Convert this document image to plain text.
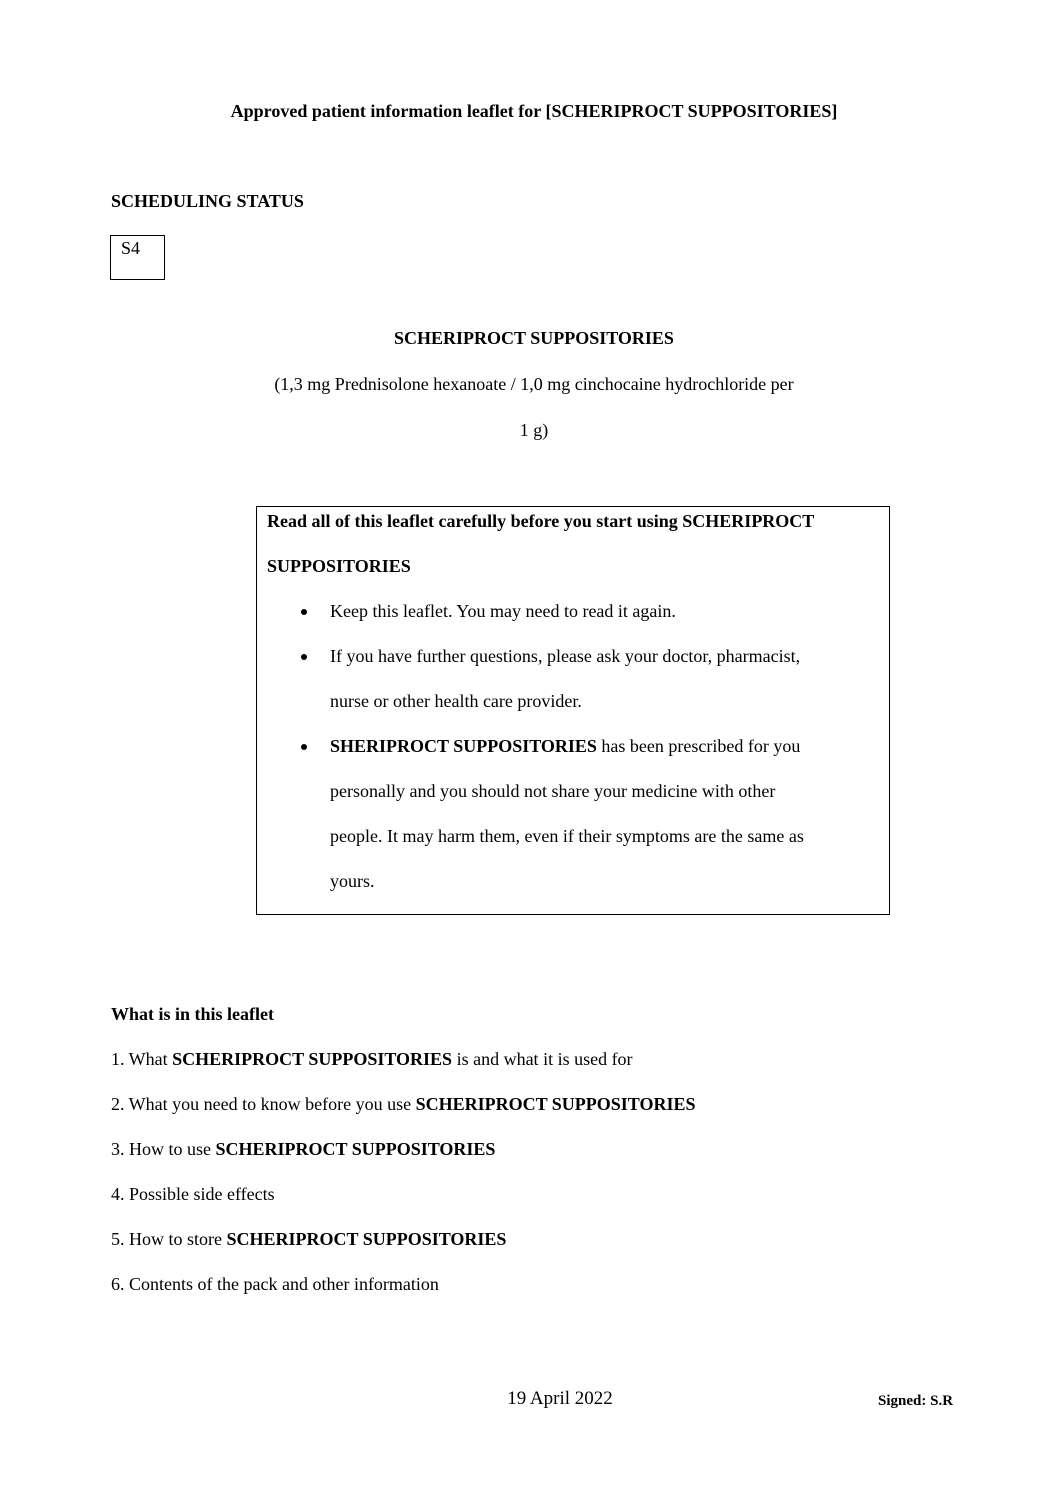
Approved patient information leaflet for [SCHERIPROCT SUPPOSITORIES]
SCHEDULING STATUS
S4
SCHERIPROCT SUPPOSITORIES
(1,3 mg Prednisolone hexanoate / 1,0 mg cinchocaine hydrochloride per
1 g)
Read all of this leaflet carefully before you start using SCHERIPROCT
SUPPOSITORIES
Keep this leaflet. You may need to read it again.
If you have further questions, please ask your doctor, pharmacist,
nurse or other health care provider.
SHERIPROCT SUPPOSITORIES has been prescribed for you
personally and you should not share your medicine with other
people. It may harm them, even if their symptoms are the same as
yours.
What is in this leaflet
1. What SCHERIPROCT SUPPOSITORIES is and what it is used for
2. What you need to know before you use SCHERIPROCT SUPPOSITORIES
3. How to use SCHERIPROCT SUPPOSITORIES
4. Possible side effects
5. How to store SCHERIPROCT SUPPOSITORIES
6. Contents of the pack and other information
19 April 2022	Signed: S.R
